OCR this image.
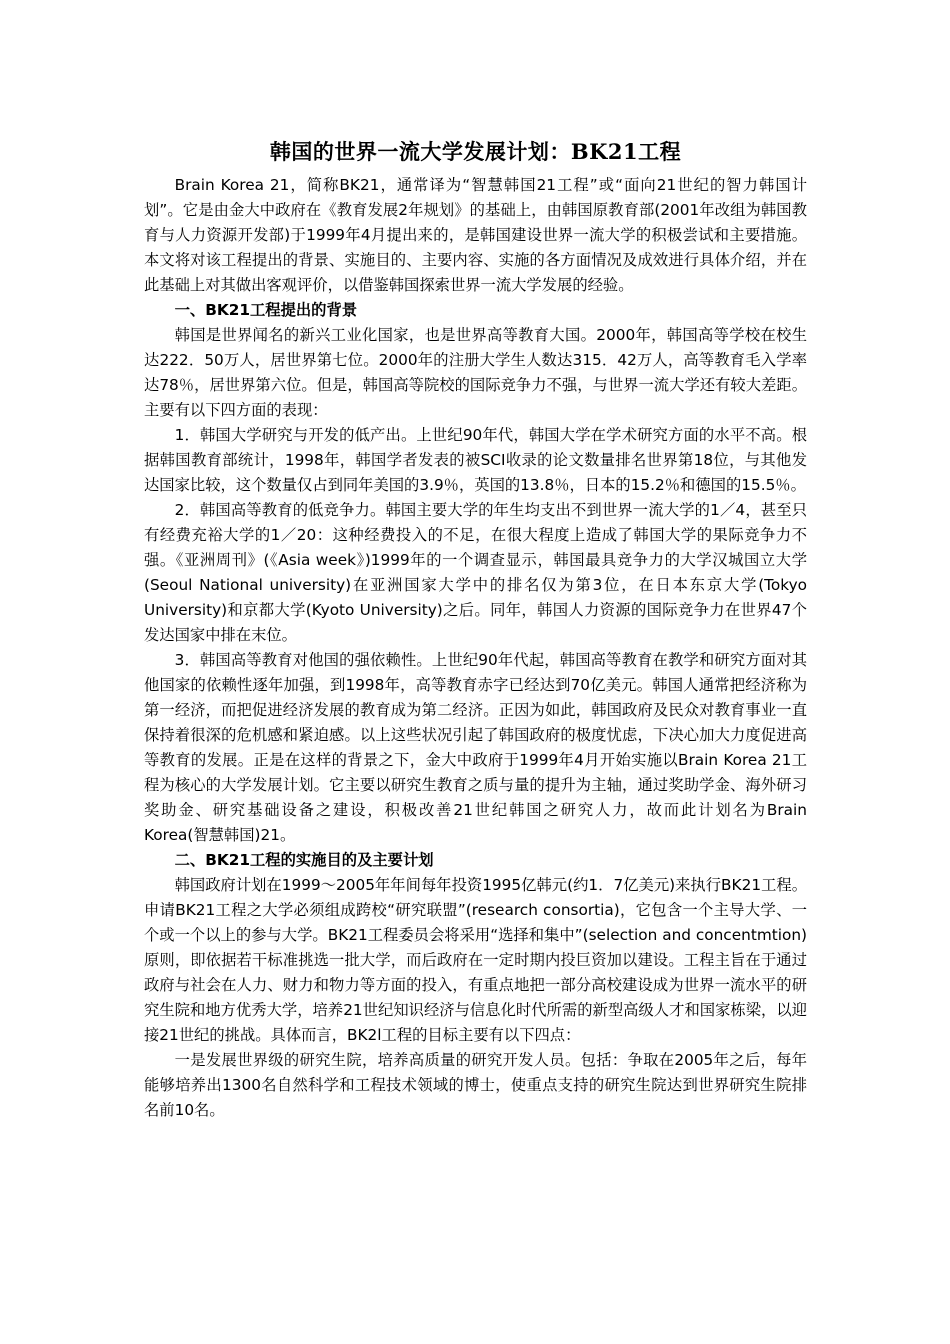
韩国的世界一流大学发展计划：BK21工程

Brain Korea 21，简称BK21，通常译为“智慧韩国21工程”或“面向21世纪的智力韩国计划”。它是由金大中政府在《教育发展2年规划》的基础上，由韩国原教育部(2001年改组为韩国教育与人力资源开发部)于1999年4月提出来的，是韩国建设世界一流大学的积极尝试和主要措施。本文将对该工程提出的背景、实施目的、主要内容、实施的各方面情况及成效进行具体介绍，并在此基础上对其做出客观评价，以借鉴韩国探索世界一流大学发展的经验。

一、BK21工程提出的背景

韩国是世界闻名的新兴工业化国家，也是世界高等教育大国。2000年，韩国高等学校在校生达222．50万人，居世界第七位。2000年的注册大学生人数达315．42万人，高等教育毛入学率达78％，居世界第六位。但是，韩国高等院校的国际竞争力不强，与世界一流大学还有较大差距。主要有以下四方面的表现：

1．韩国大学研究与开发的低产出。上世纪90年代，韩国大学在学术研究方面的水平不高。根据韩国教育部统计，1998年，韩国学者发表的被SCI收录的论文数量排名世界第18位，与其他发达国家比较，这个数量仅占到同年美国的3.9％，英国的13.8％，日本的15.2％和德国的15.5％。

2．韩国高等教育的低竞争力。韩国主要大学的年生均支出不到世界一流大学的1／4，甚至只有经费充裕大学的1／20：这种经费投入的不足，在很大程度上造成了韩国大学的果际竞争力不强。《亚洲周刊》(《Asia week》)1999年的一个调查显示，韩国最具竞争力的大学汉城国立大学(Seoul National university)在亚洲国家大学中的排名仅为第3位，在日本东京大学(Tokyo University)和京都大学(Kyoto University)之后。同年，韩国人力资源的国际竞争力在世界47个发达国家中排在末位。

3．韩国高等教育对他国的强依赖性。上世纪90年代起，韩国高等教育在教学和研究方面对其他国家的依赖性逐年加强，到1998年，高等教育赤字已经达到70亿美元。韩国人通常把经济称为第一经济，而把促进经济发展的教育成为第二经济。正因为如此，韩国政府及民众对教育事业一直保持着很深的危机感和紧迫感。以上这些状况引起了韩国政府的极度忧虑，下决心加大力度促进高等教育的发展。正是在这样的背景之下，金大中政府于1999年4月开始实施以Brain Korea 21工程为核心的大学发展计划。它主要以研究生教育之质与量的提升为主轴，通过奖助学金、海外研习奖助金、研究基础设备之建设，积极改善21世纪韩国之研究人力，故而此计划名为Brain Korea(智慧韩国)21。

二、BK21工程的实施目的及主要计划

韩国政府计划在1999～2005年年间每年投资1995亿韩元(约1．7亿美元)来执行BK21工程。申请BK21工程之大学必须组成跨校“研究联盟”(research consortia)，它包含一个主导大学、一个或一个以上的参与大学。BK21工程委员会将采用“选择和集中”(selection and concentmtion)原则，即依据若干标准挑选一批大学，而后政府在一定时期内投巨资加以建设。工程主旨在于通过政府与社会在人力、财力和物力等方面的投入，有重点地把一部分高校建设成为世界一流水平的研究生院和地方优秀大学，培养21世纪知识经济与信息化时代所需的新型高级人才和国家栋梁，以迎接21世纪的挑战。具体而言，BK2l工程的目标主要有以下四点：

一是发展世界级的研究生院，培养高质量的研究开发人员。包括：争取在2005年之后，每年能够培养出1300名自然科学和工程技术领域的博士，使重点支持的研究生院达到世界研究生院排名前10名。
